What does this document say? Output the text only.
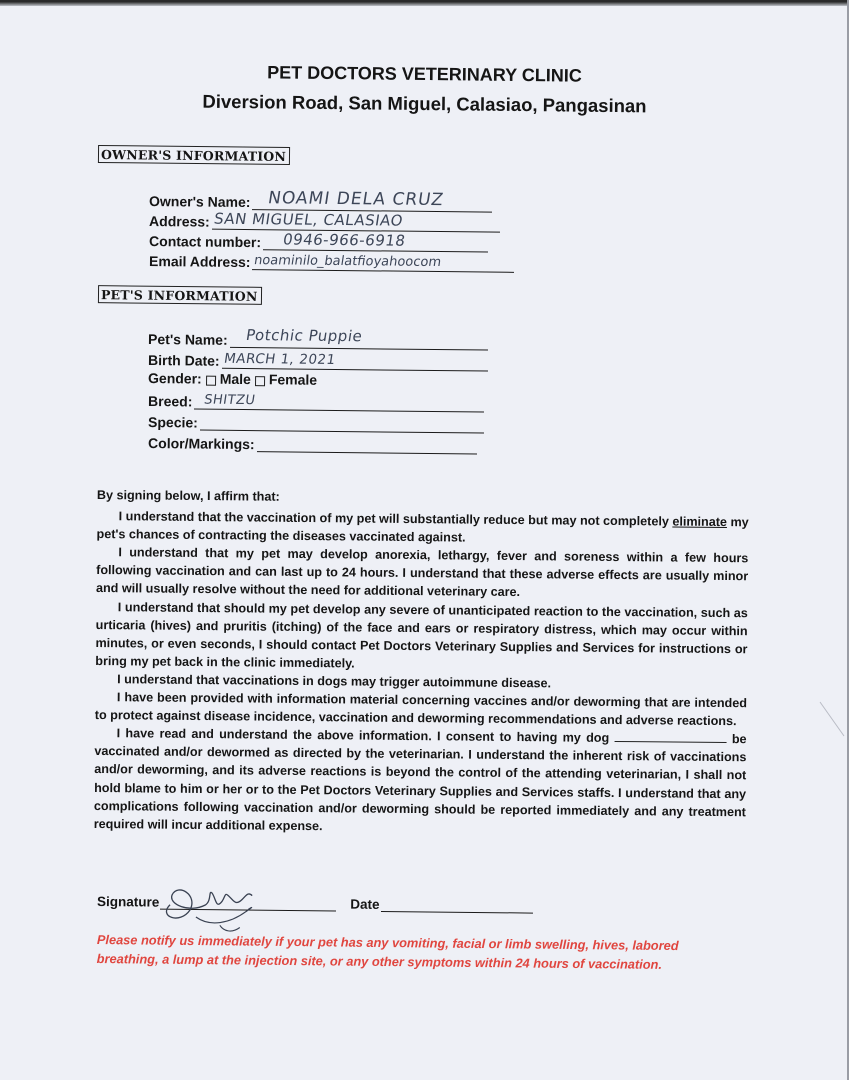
PET DOCTORS VETERINARY CLINIC
Diversion Road, San Miguel, Calasiao, Pangasinan
OWNER'S INFORMATION
Owner's Name: NOAMI DELA CRUZ
Address: SAN MIGUEL, CALASIAO
Contact number: 0946-966-6918
Email Address: noaminilo_balatfioyahoocom
PET'S INFORMATION
Pet's Name: Potchic Puppie
Birth Date: MARCH 1, 2021
Gender: Male Female
Breed: SHITZU
Specie:
Color/Markings:

By signing below, I affirm that:

I understand that the vaccination of my pet will substantially reduce but may not completely eliminate my pet's chances of contracting the diseases vaccinated against.

I understand that my pet may develop anorexia, lethargy, fever and soreness within a few hours following vaccination and can last up to 24 hours. I understand that these adverse effects are usually minor and will usually resolve without the need for additional veterinary care.

I understand that should my pet develop any severe of unanticipated reaction to the vaccination, such as urticaria (hives) and pruritis (itching) of the face and ears or respiratory distress, which may occur within minutes, or even seconds, I should contact Pet Doctors Veterinary Supplies and Services for instructions or bring my pet back in the clinic immediately.

I understand that vaccinations in dogs may trigger autoimmune disease.

I have been provided with information material concerning vaccines and/or deworming that are intended to protect against disease incidence, vaccination and deworming recommendations and adverse reactions.

I have read and understand the above information. I consent to having my dog	be vaccinated and/or dewormed as directed by the veterinarian. I understand the inherent risk of vaccinations and/or deworming, and its adverse reactions is beyond the control of the attending veterinarian, I shall not hold blame to him or her or to the Pet Doctors Veterinary Supplies and Services staffs. I understand that any complications following vaccination and/or deworming should be reported immediately and any treatment required will incur additional expense.

Signature	Date
Please notify us immediately if your pet has any vomiting, facial or limb swelling, hives, labored breathing, a lump at the injection site, or any other symptoms within 24 hours of vaccination.
